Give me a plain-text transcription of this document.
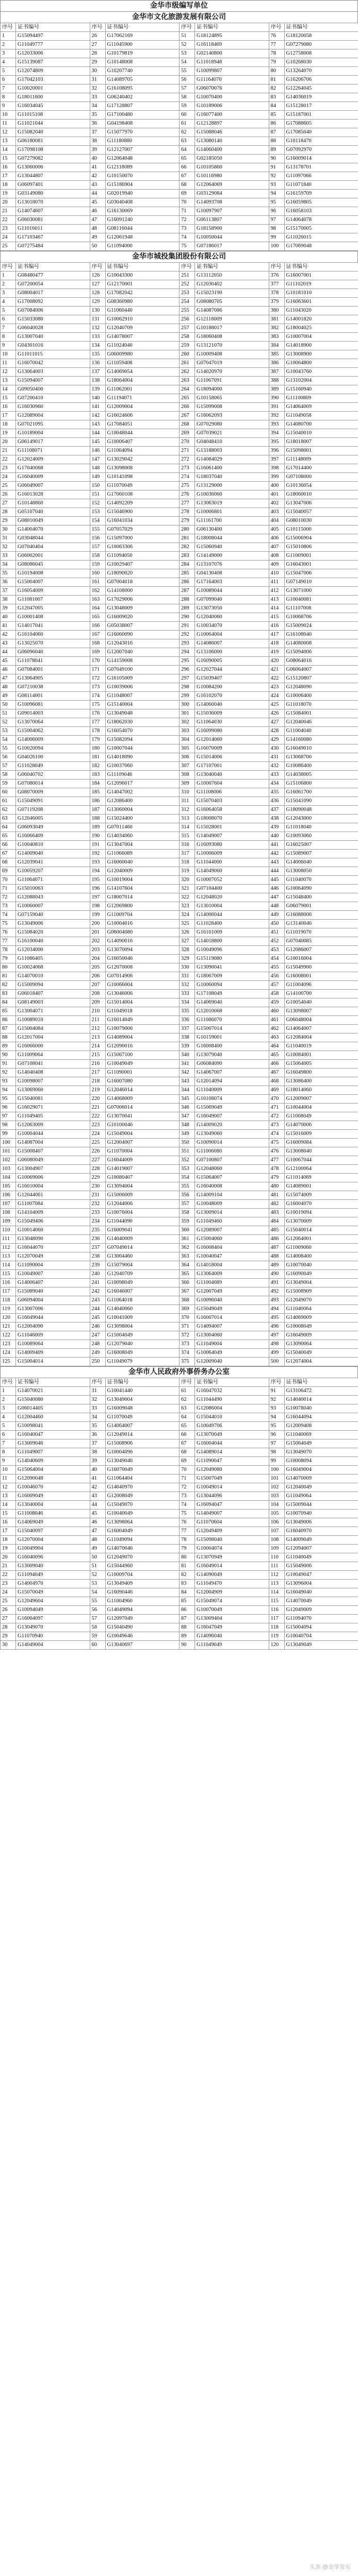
金华市级编写单位
金华市文化旅游发展有限公司
序号	证书编号	序号	证书编号	序号	证书编号	序号	证书编号
1	G15094497	26	G17062169	51	G18124895	76	G18120058
2	G11049777	27	G11045900	52	G16118469	77	G07279080
3	G12033006	28	G10179819	53	G02140800	78	G12758008
4	G15139087	29	G10148008	54	G11018948	79	G10268030
5	G12074809	30	G10207740	55	G10099807	80	G13264070
6	G17042103	31	G14089705	56	G11164070	81	G16206706
7	G10020001	32	G16108095	57	G06070076	82	G12264045
8	G18011600	33	G06240402	58	G10070400	83	G14036019
9	G16034045	34	G17128807	59	G10189006	84	G15128017
10	G11015108	35	G17100480	60	G16077400	85	G15187001
11	G11021044	36	G04198408	61	G12128897	86	G17088605
12	G15082040	37	G15077970	62	G15088046	87	G17085040
13	G06180081	38	G11180880	63	G13080140	88	G10118470
14	G17098108	39	G12127007	64	G14060400	89	G07092970
15	G07279082	40	G12064048	65	G02185050	90	G16009014
16	G13060006	41	G12118089	66	G10105860	91	G13178701
17	G13044807	42	G10150070	67	G10116980	92	G11097066
18	G06097401	43	G15186904	68	G12064069	93	G11071840
19	G03149080	44	G02019940	69	G03129084	94	G16159709
20	G13018070	45	G03040408	70	G14093708	95	G16059805
21	G14074607	46	G16130069	71	G10097907	96	G16058103
22	G06030081	47	G16091240	72	G06113807	97	G14064078
23	G11016011	48	G08116044	73	G18158900	98	G15170005
24	G17103467	49	G12061948	74	G10050044	99	G11026015
25	G07275484	50	G11094000	75	G07186017	100	G17069048
金华市城投集团股份有限公司
序号	证书编号	序号	证书编号	序号	证书编号	序号	证书编号
1	G08480477	126	G10043300	251	G13112050	376	G16007001
2	G07200054	127	G12170001	252	G12030402	377	G11102019
3	G08004017	128	G17082042	253	G15023190	378	G10181010
4	G17008092	129	G08360980	254	G08080705	379	G16063601
5	G07084006	130	G11060440	255	G14087086	380	G11043020
6	G15033080	131	G10062910	256	G12118009	381	G14001820
7	G06040028	132	G12040709	257	G10188017	382	G18004025
8	G13007040	133	G14078007	258	G18060408	383	G10007004
9	G04301016	134	G11024040	259	G13121070	384	G14018900
10	G11011015	135	G06009980	260	G10009408	385	G13008900
11	G16070042	136	G11059408	261	G07047019	386	G10064800
12	G13064003	137	G14069054	262	G14020970	387	G10043760
13	G15094007	138	G18064004	263	G11067091	388	G13102004
14	G09050400	139	G11062001	264	G18094000	389	G15160940
15	G07200410	140	G11194071	265	G10158065	390	G11100809
16	G16030960	141	G12009004	266	G15099008	391	G14064009
17	G12089004	142	G16024606	267	G16062093	392	G11049058
18	G07021095	143	G17084051	268	G07029080	393	G14080700
19	G10189004	144	G10048044	269	G07039021	394	G15040010
20	G06149017	145	G10006407	270	G04048410	395	G18018007
21	G11108071	146	G11004094	271	G13188003	396	G15098001
22	G12024009	147	G13029042	272	G14084029	397	G11148009
23	G17040068	148	G13098008	273	G16061400	398	G17014400
24	G16040009	149	G10141098	274	G18037040	399	G07108000
25	G06049007	150	G11070049	275	G13129000	400	G10136054
26	G16013028	151	G17060108	276	G10036060	401	G18060010
27	G10148860	152	G14092209	277	G13063019	402	G13047006
28	G05107040	153	G15046900	278	G10006801	403	G15040057
29	G08010049	154	G16041034	279	G11161700	404	G08010030
30	G14004070	155	G07057029	280	G06130400	405	G10115000
31	G03048044	156	G15097000	281	G18008044	406	G15006904
32	G07040404	157	G10063306	282	G15060940	407	G15010806
33	G06002001	158	G11094050	283	G14149000	408	G11009001
34	G08086045	159	G10029407	284	G13107076	409	G16043001
35	G10194008	160	G18090020	285	G04130408	410	G15047006
36	G15004007	161	G07004018	286	G17164003	411	G07149010
37	G16054009	162	G14108000	287	G10089044	412	G13071000
38	G11081007	163	G17029006	288	G07099040	413	G10040081
39	G12047005	164	G13048009	289	G13073050	414	G11107008
40	G10001408	165	G16009020	290	G12040060	415	G10068706
41	G14017041	166	G05038007	291	G10034070	416	G15009024
42	G16104060	167	G16060090	292	G10064004	417	G16108040
43	G13025070	168	G12043016	293	G14086007	418	G14080008
44	G06096040	169	G12007040	294	G13106000	419	G15094006
45	G11078041	170	G14159008	295	G16090005	420	G08064016
46	G07084001	171	G07049100	296	G12027044	421	G06064007
47	G13064905	172	G16105009	297	G15039407	422	G15120807
48	G07210038	173	G10039006	298	G10084200	423	G12048090
49	G08114001	174	G11048007	299	G16102070	424	G10006400
50	G10096081	175	G15140004	300	G14060040	425	G11018070
51	G09014003	176	G13049048	301	G15036009	426	G15084001
52	G13070064	177	G18062030	302	G11064030	427	G12040046
53	G15004062	178	G16054070	303	G16099080	428	G11004040
54	G14006009	179	G15082094	304	G12014060	429	G14160080
55	G10020094	180	G10007044	305	G16070009	430	G16049010
56	G04026100	181	G14018090	306	G15014006	431	G13068700
57	G11028049	182	G10037060	307	G17107001	432	G10086400
58	G06040702	183	G11109046	308	G13040040	433	G14038005
59	G07080014	184	G12096017	309	G10007604	434	G15106800
60	G08070009	185	G14047002	310	G11108006	435	G16061700
61	G15049091	186	G12086400	311	G15070403	436	G15041090
62	G07119208	187	G13060004	312	G16064058	437	G18090048
63	G12046005	188	G15024400	313	G18008070	438	G12043000
64	G06093049	189	G07011460	314	G15028001	439	G11018040
65	G16066409	190	G14034060	315	G14049007	440	G10093060
66	G10040810	191	G13047004	316	G16093080	441	G16025007
67	G14009040	192	G11066089	317	G10006009	442	G15089007
68	G12039041	193	G16060040	318	G11044000	443	G14006040
69	G10059207	194	G12040009	319	G14049060	444	G13008050
70	G11064071	195	G10019004	320	G10007052	445	G11040070
71	G15010063	196	G14107604	321	G07104400	446	G10064090
72	G12088043	197	G18007014	322	G12048020	447	G15048400
73	G10060007	198	G12069800	323	G13010004	448	G06079001
74	G07159040	199	G11009704	324	G14006044	449	G16088006
75	G13049006	200	G10004016	325	G11028400	450	G13140046
76	G15084020	201	G06004080	326	G16101009	451	G11019070
77	G16100040	202	G14090016	327	G14018800	452	G07040085
78	G12034000	203	G13070094	328	G10049096	453	G12086007
79	G11086405	204	G16050046	329	G15119080	454	G10016004
80	G10024068	205	G12070008	330	G13090041	455	G15049900
81	G14070010	206	G07014906	331	G18067009	456	G16008001
82	G15009094	207	G10066004	332	G10060094	457	G11004096
83	G06018407	208	G13046006	333	G17108049	458	G14100700
84	G08149003	209	G15014004	334	G14069040	459	G10054040
85	G13004071	210	G11049018	335	G12010068	460	G13098007
86	G10089010	211	G16014049	336	G11086070	461	G06048004
87	G15004084	212	G10079006	337	G15007014	462	G14064007
88	G12017004	213	G14089004	338	G10159001	463	G12084004
89	G16066000	214	G12090016	339	G16008400	464	G11040019
90	G11009064	215	G15067100	340	G13079040	465	G10084001
91	G07108041	216	G10049049	341	G06084090	466	G15064005
92	G14040408	217	G11090001	342	G14067007	467	G16049800
93	G10098007	218	G16007080	343	G12014094	468	G13086400
94	G13069060	219	G12046014	344	G11040009	469	G18014060
95	G15040081	220	G14068009	345	G10108074	470	G12009007
96	G16029071	221	G07006014	346	G15069049	471	G10044004
97	G11049405	222	G13070041	347	G16049007	472	G11008049
98	G12063009	223	G10100046	348	G14009020	473	G14070006
99	G10004044	224	G15049004	349	G13049060	474	G15016009
100	G14087004	225	G12004007	350	G10090014	475	G16009084
101	G15008407	226	G11070004	351	G11006080	476	G13008040
102	G06080049	227	G16044009	352	G07100807	477	G10067044
103	G13004907	228	G14019007	353	G12048060	478	G12100064
104	G10069006	229	G10080407	354	G15064007	479	G11014069
105	G16010004	230	G13094004	355	G16040008	480	G14089001
106	G12044061	231	G15006009	356	G14009104	481	G15074009
107	G11007084	232	G12044006	357	G10048009	482	G16004070
108	G14104009	233	G10076004	358	G13009014	483	G10019094
109	G15049406	234	G11044090	359	G11049460	484	G13070009
110	G10014060	235	G16009041	360	G12089007	485	G15040014
111	G13048090	236	G14040009	361	G15004060	486	G12064001
112	G16044070	237	G07049014	362	G16008404	487	G11009060
113	G12070049	238	G13004460	363	G10040047	488	G14008400
114	G11090004	239	G15079004	364	G14018004	489	G10070040
115	G10049007	240	G12040709	365	G13064009	490	G16090049
116	G14006407	241	G10098049	366	G11004089	491	G13049004
117	G15089040	242	G16046007	367	G12007049	492	G15008909
118	G06094004	243	G11064018	368	G10096040	493	G12049070
119	G13007006	244	G14040060	369	G15049049	494	G11040064
120	G16049044	245	G10041009	370	G16007014	495	G14069009
121	G12004090	246	G13098004	371	G14094007	496	G10008049
122	G11046009	247	G15004049	372	G13004060	497	G16049009
123	G10089064	248	G12079040	373	G11049004	498	G13090064
124	G14009409	249	G16008049	374	G10064049	499	G15040049
125	G15004014	250	G11049079	375	G12009040	500	G12074004
金华市人民政府外事侨务办公室
序号	证书编号	序号	证书编号	序号	证书编号	序号	证书编号
1	G14070021	31	G10041440	61	G16047032	91	G13106472
2	G15040080	32	G13049004	62	G11044490	92	G14040014
3	G06014405	33	G16009048	63	G12086004	93	G10078040
4	G12004460	34	G11070049	64	G15044010	94	G16044094
5	G10098041	35	G14064007	65	G10049706	95	G12009408
6	G16040047	36	G12049014	66	G13070049	96	G11040069
7	G13009046	37	G15008906	67	G16004044	97	G15064049
8	G11049007	38	G10004096	68	G14089014	98	G13049070
9	G14040609	39	G13049046	69	G11090047	99	G10008094
10	G15064004	40	G16070049	70	G12049080	100	G16049004
11	G12090048	41	G11064404	71	G15007049	101	G14070009
12	G10046070	42	G14040970	72	G10049014	102	G12040049
13	G16009049	43	G12008049	73	G13044096	103	G11049064
14	G13040004	44	G15049070	74	G16094047	104	G15009044
15	G11008046	45	G10040049	75	G14049007	105	G10070940
16	G14069049	46	G13098064	76	G11070604	106	G13049006
17	G15040097	47	G16004049	77	G12049409	107	G16040970
18	G12070004	48	G11049094	78	G15098040	108	G14009049
19	G10049904	49	G14070046	79	G10004074	109	G12094007
20	G16040096	50	G12049070	80	G13070949	110	G11040049
21	G13009040	51	G15044960	81	G16049014	111	G15049006
22	G11094049	52	G10009704	82	G14090049	112	G10049047
23	G14004970	53	G13049409	83	G11049470	113	G13096004
24	G15070049	54	G16090446	84	G12004909	114	G16049040
25	G12049604	55	G11004960	85	G15049074	115	G14070049
26	G10094049	56	G14049094	86	G10070049	116	G12049009
27	G16004097	57	G12097049	87	G13009404	117	G11094070
28	G13049070	58	G15040490	88	G16047049	118	G15004094
29	G11070940	59	G10049646	89	G14096040	119	G10040704
30	G14049004	60	G13040697	90	G11049049	120	G13049049
头条 @金华发布
